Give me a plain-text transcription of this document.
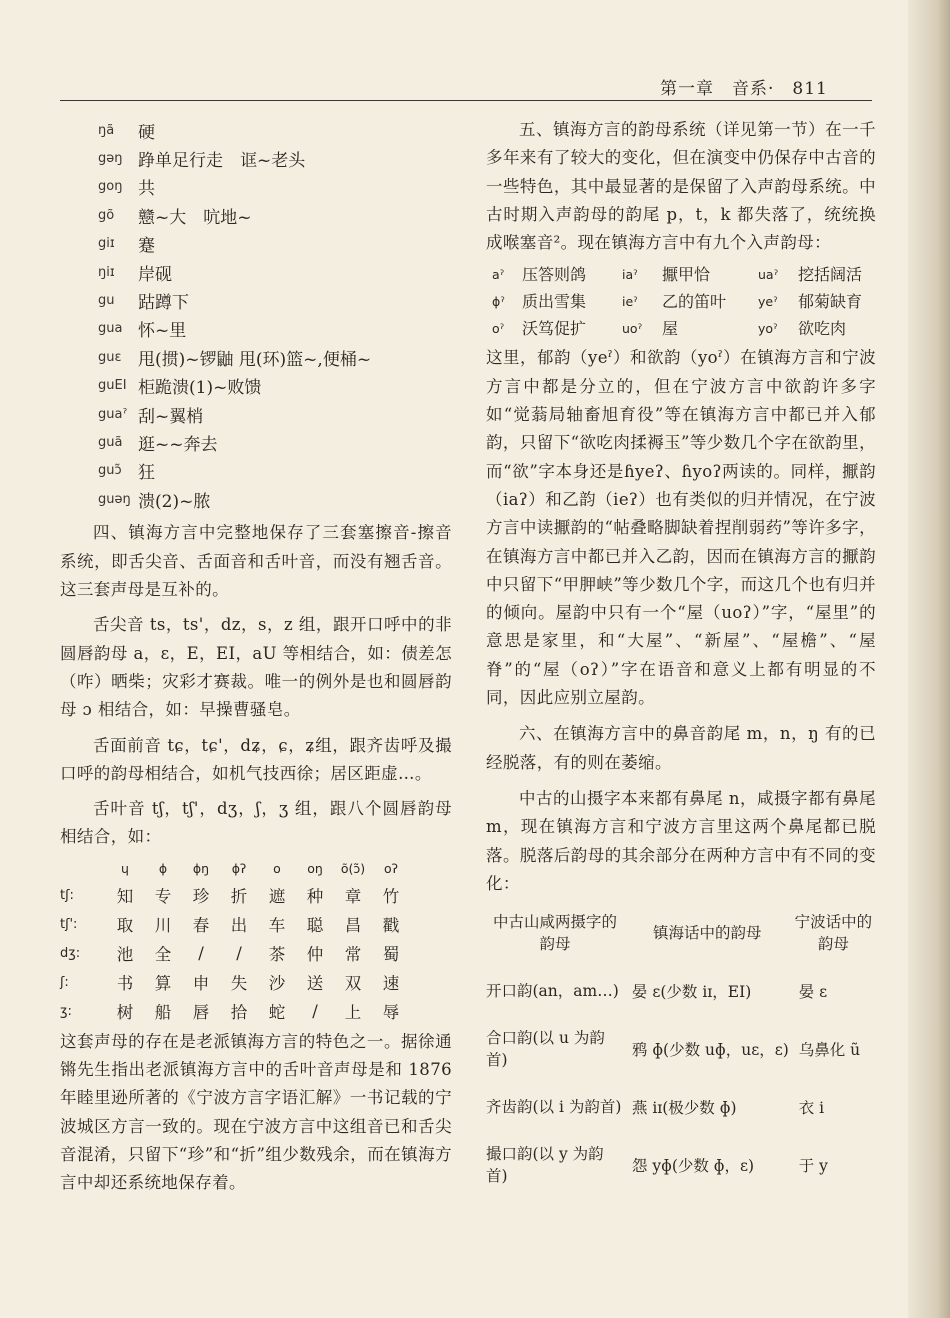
第一章　音系· 811
ŋã	硬
gəŋ 踭单足行走　诓~老头
goŋ 共
gõ	戆~大　吭地~
giɪ	蹇
ŋiɪ	岸砚
gu	跍蹲下
gua 怀~里
guɛ 甩(掼)~锣鼬 甩(环)篮~,便桶~
guEI 柜跪溃(1)~败馈
guaˀ 刮~翼梢
guã 逛~~奔去
guɔ̃ 狂
guəŋ 溃(2)~脓

四、镇海方言中完整地保存了三套塞擦音-擦音系统，即舌尖音、舌面音和舌叶音，而没有翘舌音。这三套声母是互补的。

舌尖音 ts，ts'，dz，s，z 组，跟开口呼中的非圆唇韵母 a，ɛ，E，EI，aU 等相结合，如：债差怎（咋）晒柴；灾彩才赛裁。唯一的例外是也和圆唇韵母 ɔ 相结合，如：早操曹骚皂。

舌面前音 tɕ，tɕ'，dʑ，ɕ，ʑ组，跟齐齿呼及撮口呼的韵母相结合，如机气技西徐；居区距虚…。

舌叶音 tʃ，tʃ'，dʒ，ʃ，ʒ 组，跟八个圆唇韵母相结合，如：

	ɥ	ɸ	ɸŋ	ɸʔ	o	oŋ	õ(ɔ̃)	oʔ
tʃ:	知	专	珍	折	遮	种	章	竹
tʃ':	取	川	春	出	车	聪	昌	戳
dʒ:	池	全	/	/	茶	仲	常	蜀
ʃ:	书	算	申	失	沙	送	双	速
ʒ:	树	船	唇	拾	蛇	/	上	辱

这套声母的存在是老派镇海方言的特色之一。据徐通锵先生指出老派镇海方言中的舌叶音声母是和 1876 年睦里逊所著的《宁波方言字语汇解》一书记载的宁波城区方言一致的。现在宁波方言中这组音已和舌尖音混淆，只留下“珍”和“折”组少数残余，而在镇海方言中却还系统地保存着。

五、镇海方言的韵母系统（详见第一节）在一千多年来有了较大的变化，但在演变中仍保存中古音的一些特色，其中最显著的是保留了入声韵母系统。中古时期入声韵母的韵尾 p，t，k 都失落了，统统换成喉塞音²。现在镇海方言中有九个入声韵母：

aˀ	压答则鸽	iaˀ	擫甲恰	uaˀ	挖括阔活
ɸˀ	质出雪集	ieˀ	乙的笛叶	yeˀ	郁菊缺育
oˀ	沃笃促扩	uoˀ	屋	yoˀ	欲吃肉

这里，郁韵（yeˀ）和欲韵（yoˀ）在镇海方言和宁波方言中都是分立的，但在宁波方言中欲韵许多字如“觉蓊局轴畜旭育役”等在镇海方言中都已并入郁韵，只留下“欲吃肉揉褥玉”等少数几个字在欲韵里，而“欲”字本身还是ɦyeʔ、ɦyoʔ两读的。同样，擫韵（iaʔ）和乙韵（ieʔ）也有类似的归并情况，在宁波方言中读擫韵的“帖叠略脚缺着捏削弱药”等许多字，在镇海方言中都已并入乙韵，因而在镇海方言的擫韵中只留下“甲胛峡”等少数几个字，而这几个也有归并的倾向。屋韵中只有一个“屋（uoʔ）”字，“屋里”的意思是家里，和“大屋”、“新屋”、“屋檐”、“屋脊”的“屋（oʔ）”字在语音和意义上都有明显的不同，因此应别立屋韵。

六、在镇海方言中的鼻音韵尾 m，n，ŋ 有的已经脱落，有的则在萎缩。

中古的山摄字本来都有鼻尾 n，咸摄字都有鼻尾 m，现在镇海方言和宁波方言里这两个鼻尾都已脱落。脱落后韵母的其余部分在两种方言中有不同的变化：

中古山咸两摄字的韵母	镇海话中的韵母	宁波话中的韵母
开口韵(an，am…)	晏 ɛ(少数 iɪ，EI)	晏 ɛ
合口韵(以 u 为韵首)	鸦 ɸ(少数 uɸ，uɛ，ɛ)	乌鼻化 ũ
齐齿韵(以 i 为韵首)	燕 iɪ(极少数 ɸ)	衣 i
撮口韵(以 y 为韵首)	怨 yɸ(少数 ɸ，ɛ)	于 y
